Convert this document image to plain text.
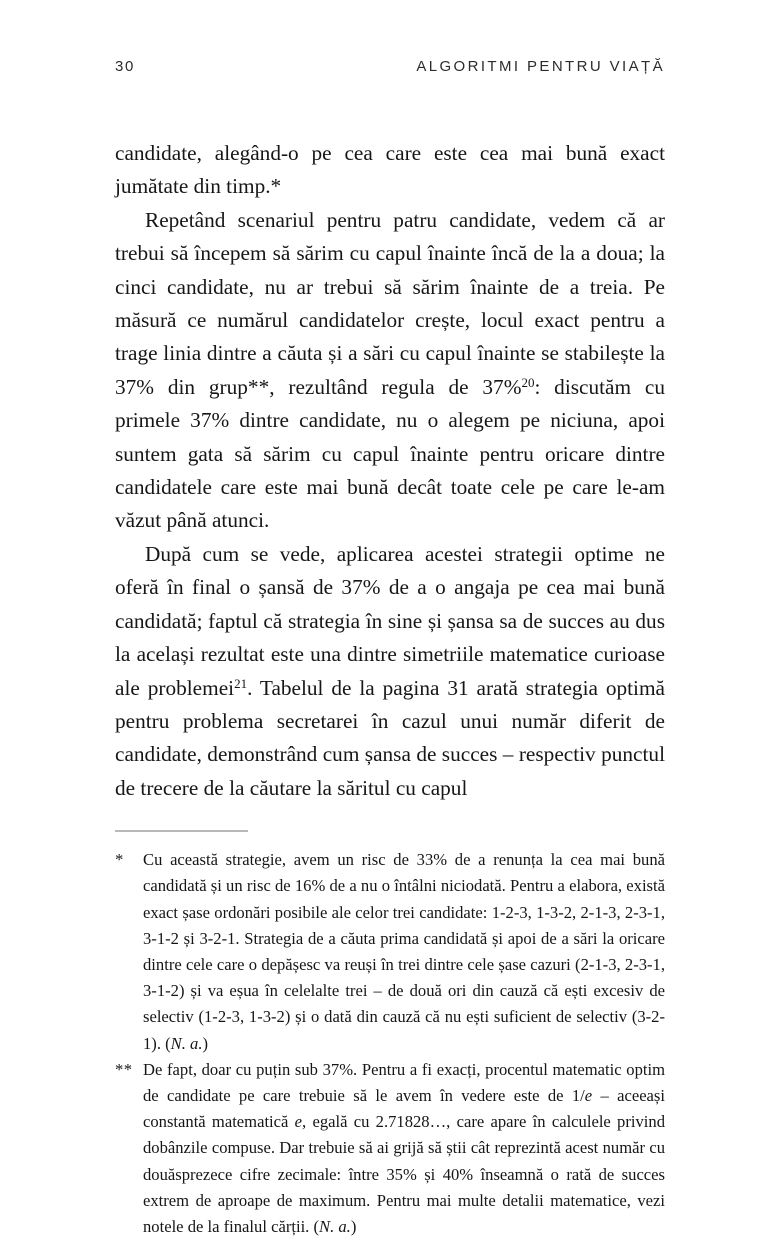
30	ALGORITMI PENTRU VIAȚĂ

candidate, alegând-o pe cea care este cea mai bună exact jumătate din timp.*

Repetând scenariul pentru patru candidate, vedem că ar trebui să începem să sărim cu capul înainte încă de la a doua; la cinci candidate, nu ar trebui să sărim înainte de a treia. Pe măsură ce numărul candidatelor crește, locul exact pentru a trage linia dintre a căuta și a sări cu capul înainte se stabilește la 37% din grup**, rezultând regula de 37%$^{20}$: discutăm cu primele 37% dintre candidate, nu o alegem pe niciuna, apoi suntem gata să sărim cu capul înainte pentru oricare dintre candidatele care este mai bună decât toate cele pe care le-am văzut până atunci.

După cum se vede, aplicarea acestei strategii optime ne oferă în final o șansă de 37% de a o angaja pe cea mai bună candidată; faptul că strategia în sine și șansa sa de succes au dus la același rezultat este una dintre simetriile matematice curioase ale problemei$^{21}$. Tabelul de la pagina 31 arată strategia optimă pentru problema secretarei în cazul unui număr diferit de candidate, demonstrând cum șansa de succes – respectiv punctul de trecere de la căutare la săritul cu capul

* Cu această strategie, avem un risc de 33% de a renunța la cea mai bună candidată și un risc de 16% de a nu o întâlni niciodată. Pentru a elabora, există exact șase ordonări posibile ale celor trei candidate: 1-2-3, 1-3-2, 2-1-3, 2-3-1, 3-1-2 și 3-2-1. Strategia de a căuta prima candidată și apoi de a sări la oricare dintre cele care o depășesc va reuși în trei dintre cele șase cazuri (2-1-3, 2-3-1, 3-1-2) și va eșua în celelalte trei – de două ori din cauză că ești excesiv de selectiv (1-2-3, 1-3-2) și o dată din cauză că nu ești suficient de selectiv (3-2-1). (N. a.)
** De fapt, doar cu puțin sub 37%. Pentru a fi exacți, procentul matematic optim de candidate pe care trebuie să le avem în vedere este de 1/e – aceeași constantă matematică e, egală cu 2.71828…, care apare în calculele privind dobânzile compuse. Dar trebuie să ai grijă să știi cât reprezintă acest număr cu douăsprezece cifre zecimale: între 35% și 40% înseamnă o rată de succes extrem de aproape de maximum. Pentru mai multe detalii matematice, vezi notele de la finalul cărții. (N. a.)
